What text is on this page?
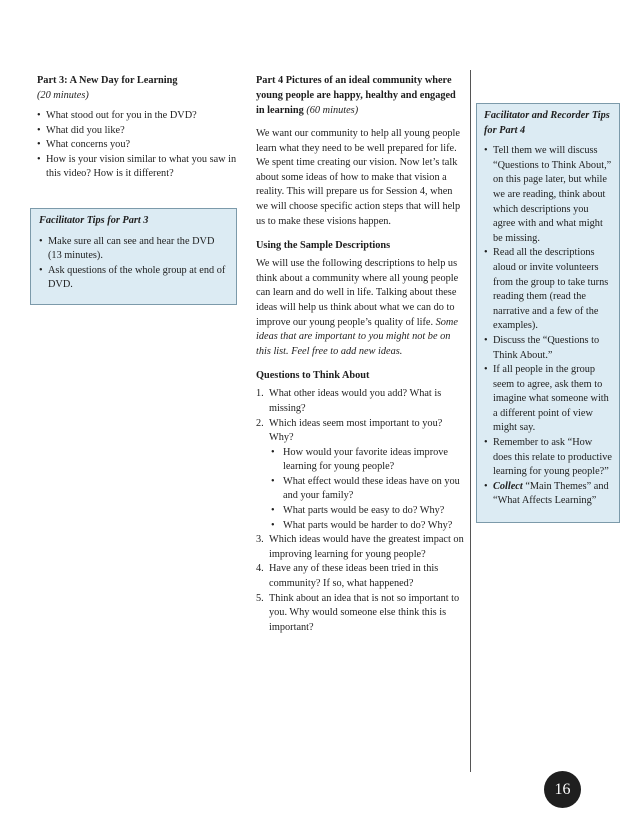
Part 3: A New Day for Learning
(20 minutes)
• What stood out for you in the DVD?
• What did you like?
• What concerns you?
• How is your vision similar to what you saw in this video? How is it different?
Facilitator Tips for Part 3
• Make sure all can see and hear the DVD (13 minutes).
• Ask questions of the whole group at end of DVD.
Part 4 Pictures of an ideal community where young people are happy, healthy and engaged in learning (60 minutes)

We want our community to help all young people learn what they need to be well prepared for life. We spent time creating our vision. Now let’s talk about some ideas of how to make that vision a reality. This will prepare us for Session 4, when we will choose specific action steps that will help us to make these visions happen.

Using the Sample Descriptions

We will use the following descriptions to help us think about a community where all young people can learn and do well in life. Talking about these ideas will help us think about what we can do to improve our young people’s quality of life. Some ideas that are important to you might not be on this list. Feel free to add new ideas.

Questions to Think About
1. What other ideas would you add? What is missing?
2. Which ideas seem most important to you? Why?
• How would your favorite ideas improve learning for young people?
• What effect would these ideas have on you and your family?
• What parts would be easy to do? Why?
• What parts would be harder to do? Why?
3. Which ideas would have the greatest impact on improving learning for young people?
4. Have any of these ideas been tried in this community? If so, what happened?
5. Think about an idea that is not so important to you. Why would someone else think this is important?
Facilitator and Recorder Tips for Part 4
• Tell them we will discuss “Questions to Think About,” on this page later, but while we are reading, think about which descriptions you agree with and what might be missing.
• Read all the descriptions aloud or invite volunteers from the group to take turns reading them (read the narrative and a few of the examples).
• Discuss the “Questions to Think About.”
• If all people in the group seem to agree, ask them to imagine what someone with a different point of view might say.
• Remember to ask “How does this relate to productive learning for young people?”
• Collect “Main Themes” and “What Affects Learning”
16
